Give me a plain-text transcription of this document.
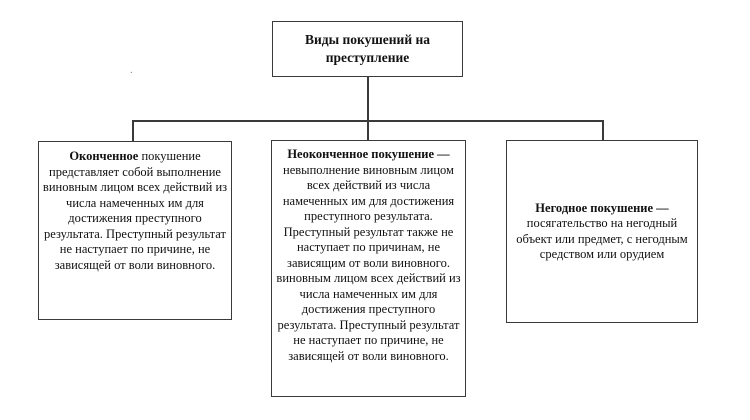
Виды покушений на преступление
.
Оконченное покушение представляет собой выполнение виновным лицом всех действий из числа намеченных им для достижения преступного результата. Преступный результат не наступает по причине, не зависящей от воли виновного.
Неоконченное покушение — невыполнение виновным лицом всех действий из числа намеченных им для достижения преступного результата. Преступный результат также не наступает по причинам, не зависящим от воли виновного. виновным лицом всех действий из числа намеченных им для достижения преступного результата. Преступный результат не наступает по причине, не зависящей от воли виновного.
Негодное покушение — посягательство на негодный объект или предмет, с негодным средством или орудием
